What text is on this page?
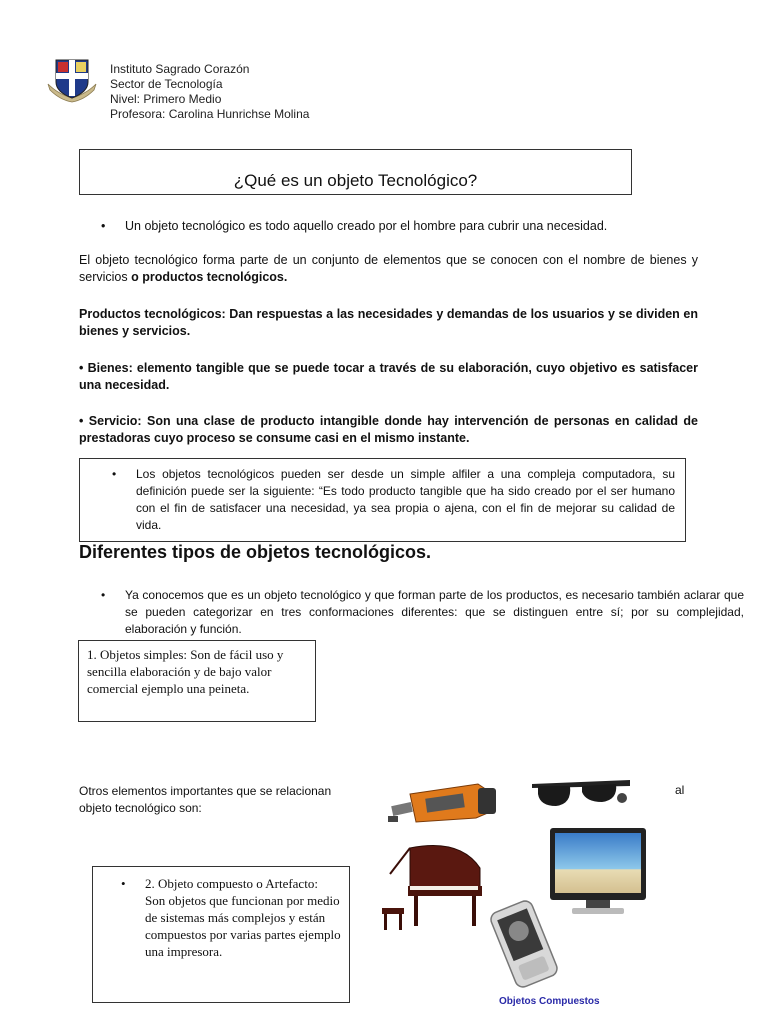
Instituto Sagrado Corazón
Sector de Tecnología
Nivel: Primero Medio
Profesora: Carolina Hunrichse Molina
¿Qué es un objeto Tecnológico?
• Un objeto tecnológico es todo aquello creado por el hombre para cubrir una necesidad.
El objeto tecnológico forma parte de un conjunto de elementos que se conocen con el nombre de bienes y servicios o productos tecnológicos.
Productos tecnológicos: Dan respuestas a las necesidades y demandas de los usuarios y se dividen en bienes y servicios.
• Bienes: elemento tangible que se puede tocar a través de su elaboración, cuyo objetivo es satisfacer una necesidad.
• Servicio: Son una clase de producto intangible donde hay intervención de personas en calidad de prestadoras cuyo proceso se consume casi en el mismo instante.
• Los objetos tecnológicos pueden ser desde un simple alfiler a una compleja computadora, su definición puede ser la siguiente: “Es todo producto tangible que ha sido creado por el ser humano con el fin de satisfacer una necesidad, ya sea propia o ajena, con el fin de mejorar su calidad de vida.
Diferentes tipos de objetos tecnológicos.
• Ya conocemos que es un objeto tecnológico y que forman parte de los productos, es necesario también aclarar que se pueden categorizar en tres conformaciones diferentes: que se distinguen entre sí; por su complejidad, elaboración y función.
1. Objetos simples: Son de fácil uso y sencilla elaboración y de bajo valor comercial ejemplo una peineta.
Otros elementos importantes que se relacionan objeto tecnológico son:
al
• 2. Objeto compuesto o Artefacto: Son objetos que funcionan por medio de sistemas más complejos y están compuestos por varias partes ejemplo una impresora.
Objetos Compuestos
